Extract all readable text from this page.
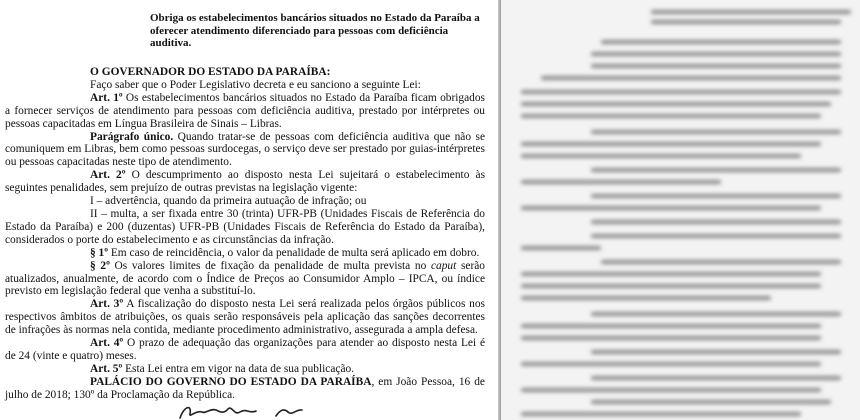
Obriga os estabelecimentos bancários situados no Estado da Paraíba a oferecer atendimento diferenciado para pessoas com deficiência auditiva.

O GOVERNADOR DO ESTADO DA PARAÍBA:

Faço saber que o Poder Legislativo decreta e eu sanciono a seguinte Lei:

Art. 1º Os estabelecimentos bancários situados no Estado da Paraíba ficam obrigados a fornecer serviços de atendimento para pessoas com deficiência auditiva, prestado por intérpretes ou pessoas capacitadas em Língua Brasileira de Sinais – Libras.

Parágrafo único. Quando tratar-se de pessoas com deficiência auditiva que não se comuniquem em Libras, bem como pessoas surdocegas, o serviço deve ser prestado por guias-intérpretes ou pessoas capacitadas neste tipo de atendimento.

Art. 2º O descumprimento ao disposto nesta Lei sujeitará o estabelecimento às seguintes penalidades, sem prejuízo de outras previstas na legislação vigente:

I – advertência, quando da primeira autuação de infração; ou

II – multa, a ser fixada entre 30 (trinta) UFR-PB (Unidades Fiscais de Referência do Estado da Paraíba) e 200 (duzentas) UFR-PB (Unidades Fiscais de Referência do Estado da Paraíba), considerados o porte do estabelecimento e as circunstâncias da infração.

§ 1º Em caso de reincidência, o valor da penalidade de multa será aplicado em dobro.

§ 2º Os valores limites de fixação da penalidade de multa prevista no caput serão atualizados, anualmente, de acordo com o Índice de Preços ao Consumidor Amplo – IPCA, ou índice previsto em legislação federal que venha a substituí-lo.

Art. 3º A fiscalização do disposto nesta Lei será realizada pelos órgãos públicos nos respectivos âmbitos de atribuições, os quais serão responsáveis pela aplicação das sanções decorrentes de infrações às normas nela contida, mediante procedimento administrativo, assegurada a ampla defesa.

Art. 4º O prazo de adequação das organizações para atender ao disposto nesta Lei é de 24 (vinte e quatro) meses.

Art. 5º Esta Lei entra em vigor na data de sua publicação.

PALÁCIO DO GOVERNO DO ESTADO DA PARAÍBA, em João Pessoa, 16 de julho de 2018; 130º da Proclamação da República.
